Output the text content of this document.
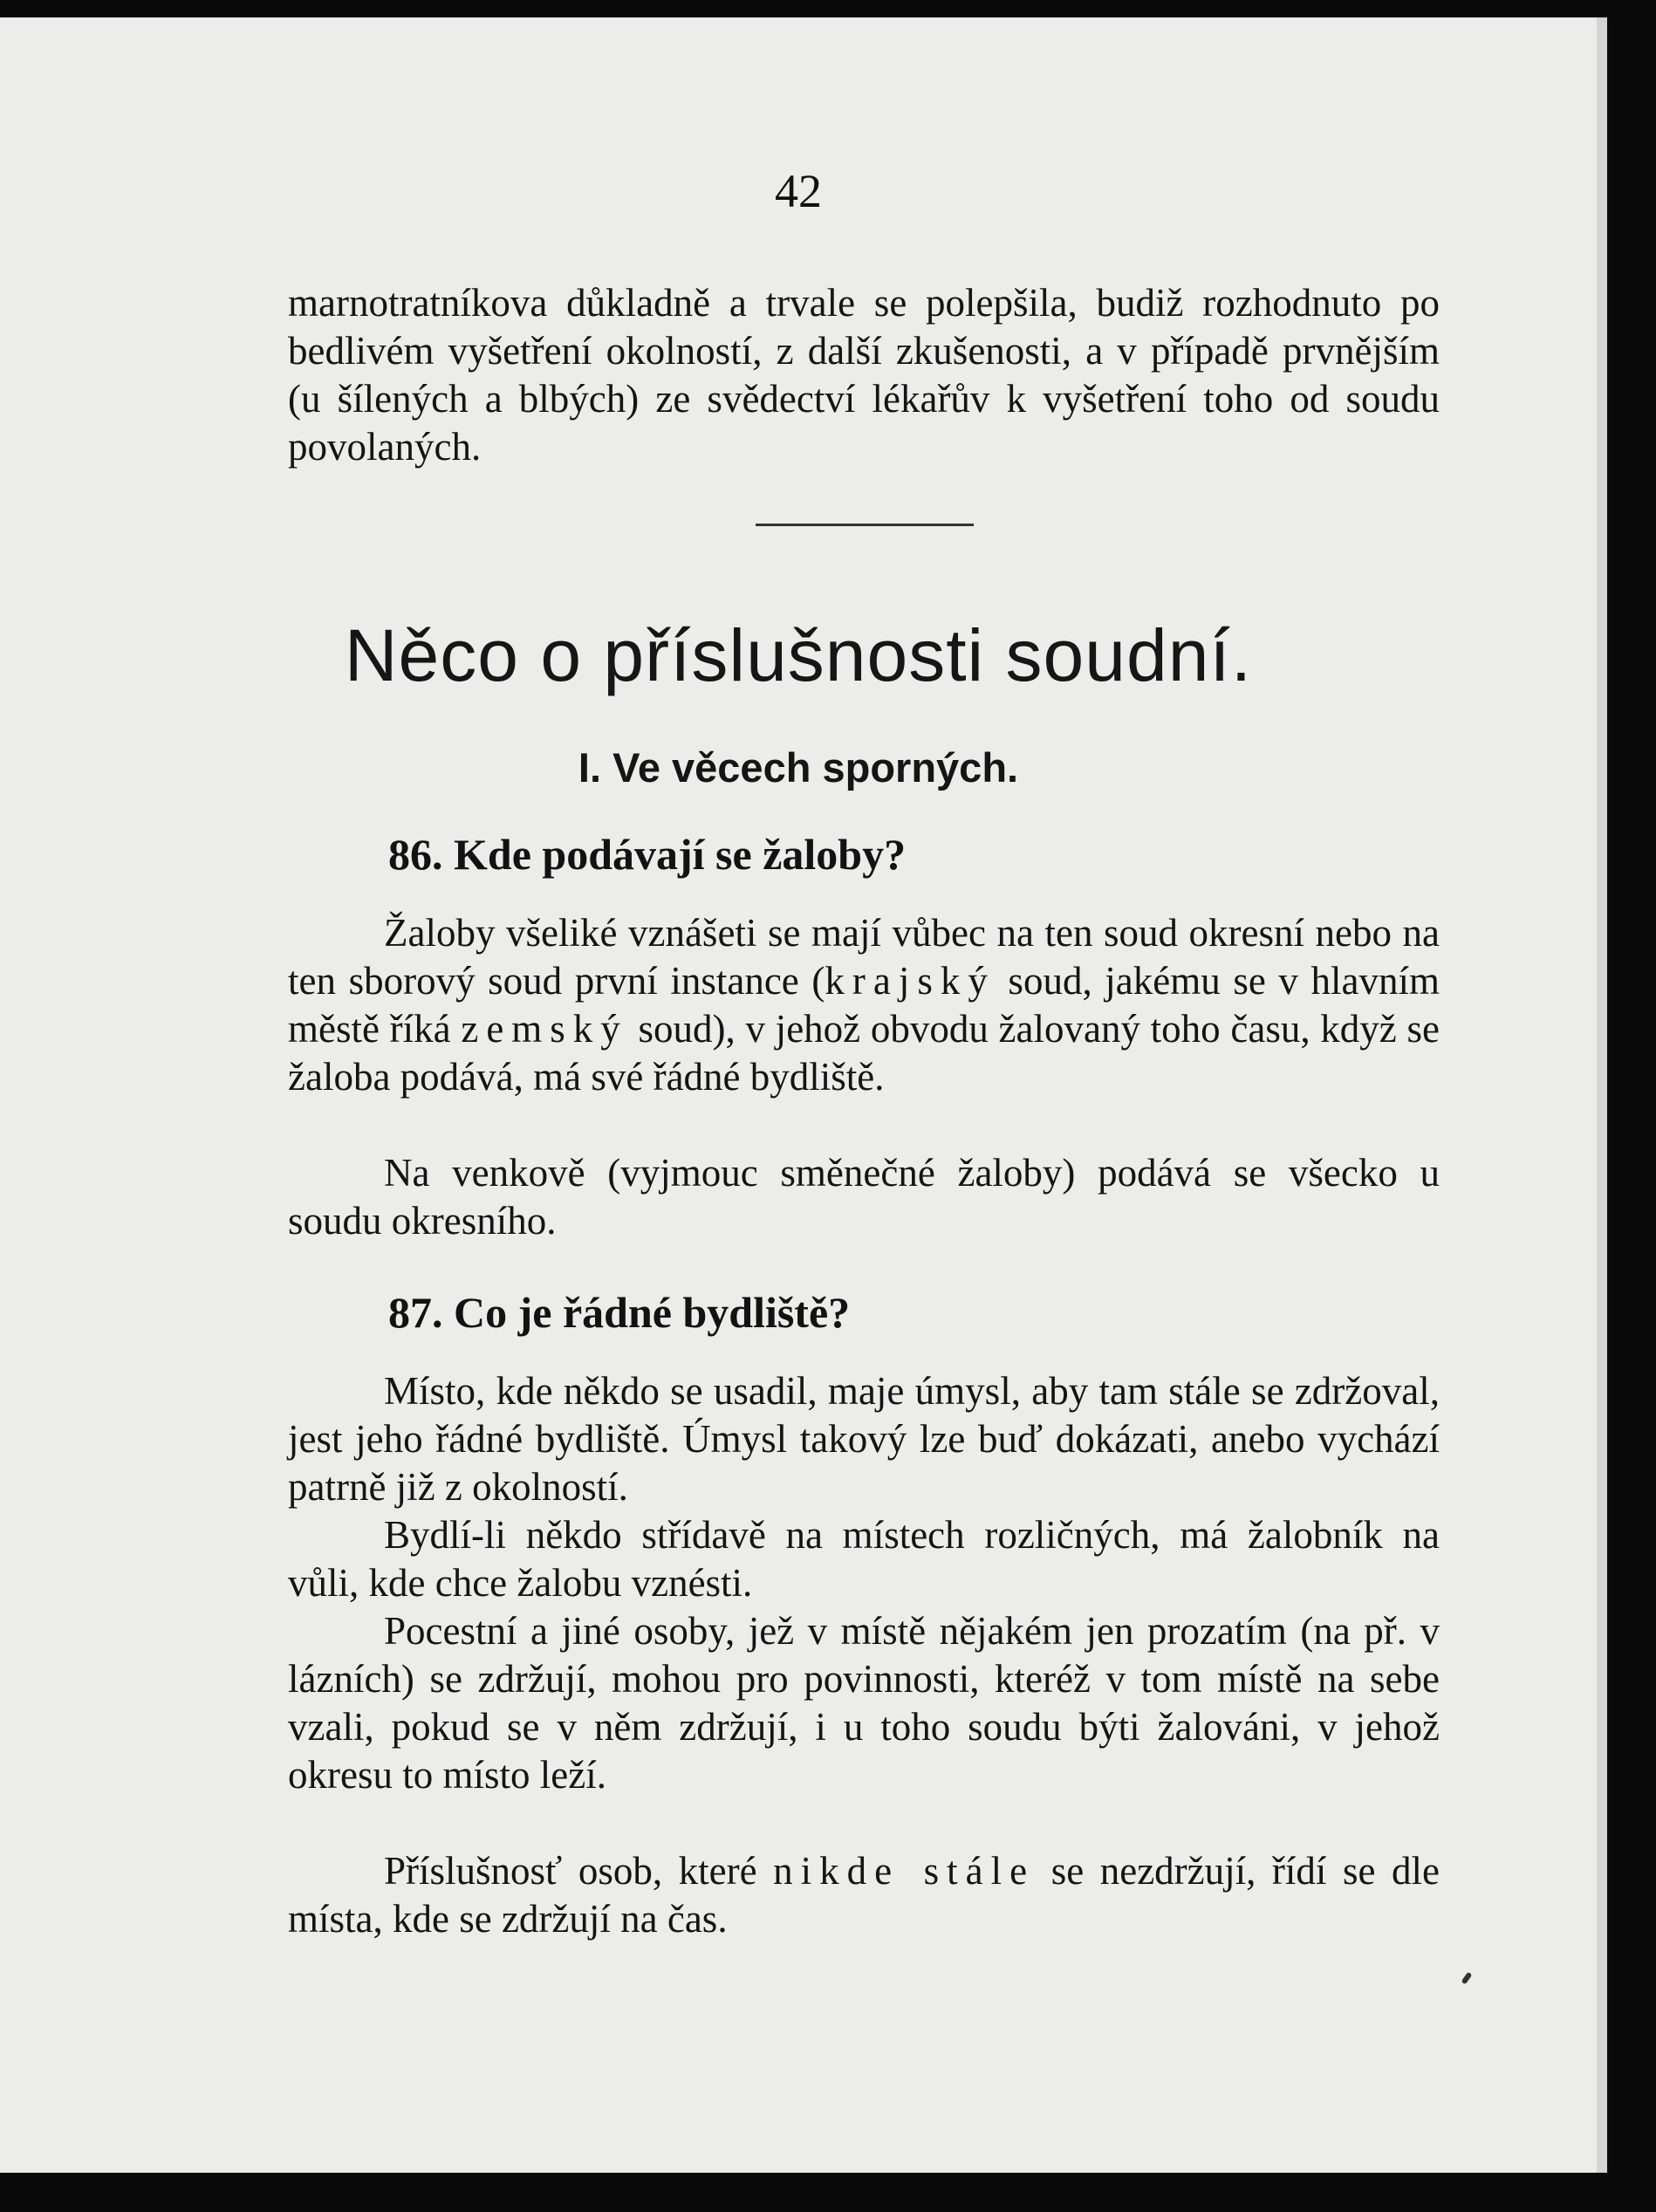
42

marnotratníkova důkladně a trvale se polepšila, budiž rozhodnuto po bedlivém vyšetření okolností, z další zkušenosti, a v případě prvnějším (u šílených a blbých) ze svědectví lékařův k vyšetření toho od soudu povolaných.

Něco o příslušnosti soudní.
I. Ve věcech sporných.
86. Kde podávají se žaloby?

Žaloby všeliké vznášeti se mají vůbec na ten soud okresní nebo na ten sborový soud první instance (krajský soud, jakému se v hlavním městě říká zemský soud), v jehož obvodu žalovaný toho času, když se žaloba podává, má své řádné bydliště.

Na venkově (vyjmouc směnečné žaloby) podává se všecko u soudu okresního.

87. Co je řádné bydliště?

Místo, kde někdo se usadil, maje úmysl, aby tam stále se zdržoval, jest jeho řádné bydliště. Úmysl takový lze buď dokázati, anebo vychází patrně již z okolností.

Bydlí-li někdo střídavě na místech rozličných, má žalobník na vůli, kde chce žalobu vznésti.

Pocestní a jiné osoby, jež v místě nějakém jen prozatím (na př. v lázních) se zdržují, mohou pro povinnosti, kteréž v tom místě na sebe vzali, pokud se v něm zdržují, i u toho soudu býti žalováni, v jehož okresu to místo leží.

Příslušnosť osob, které nikde stále se nezdržují, řídí se dle místa, kde se zdržují na čas.
